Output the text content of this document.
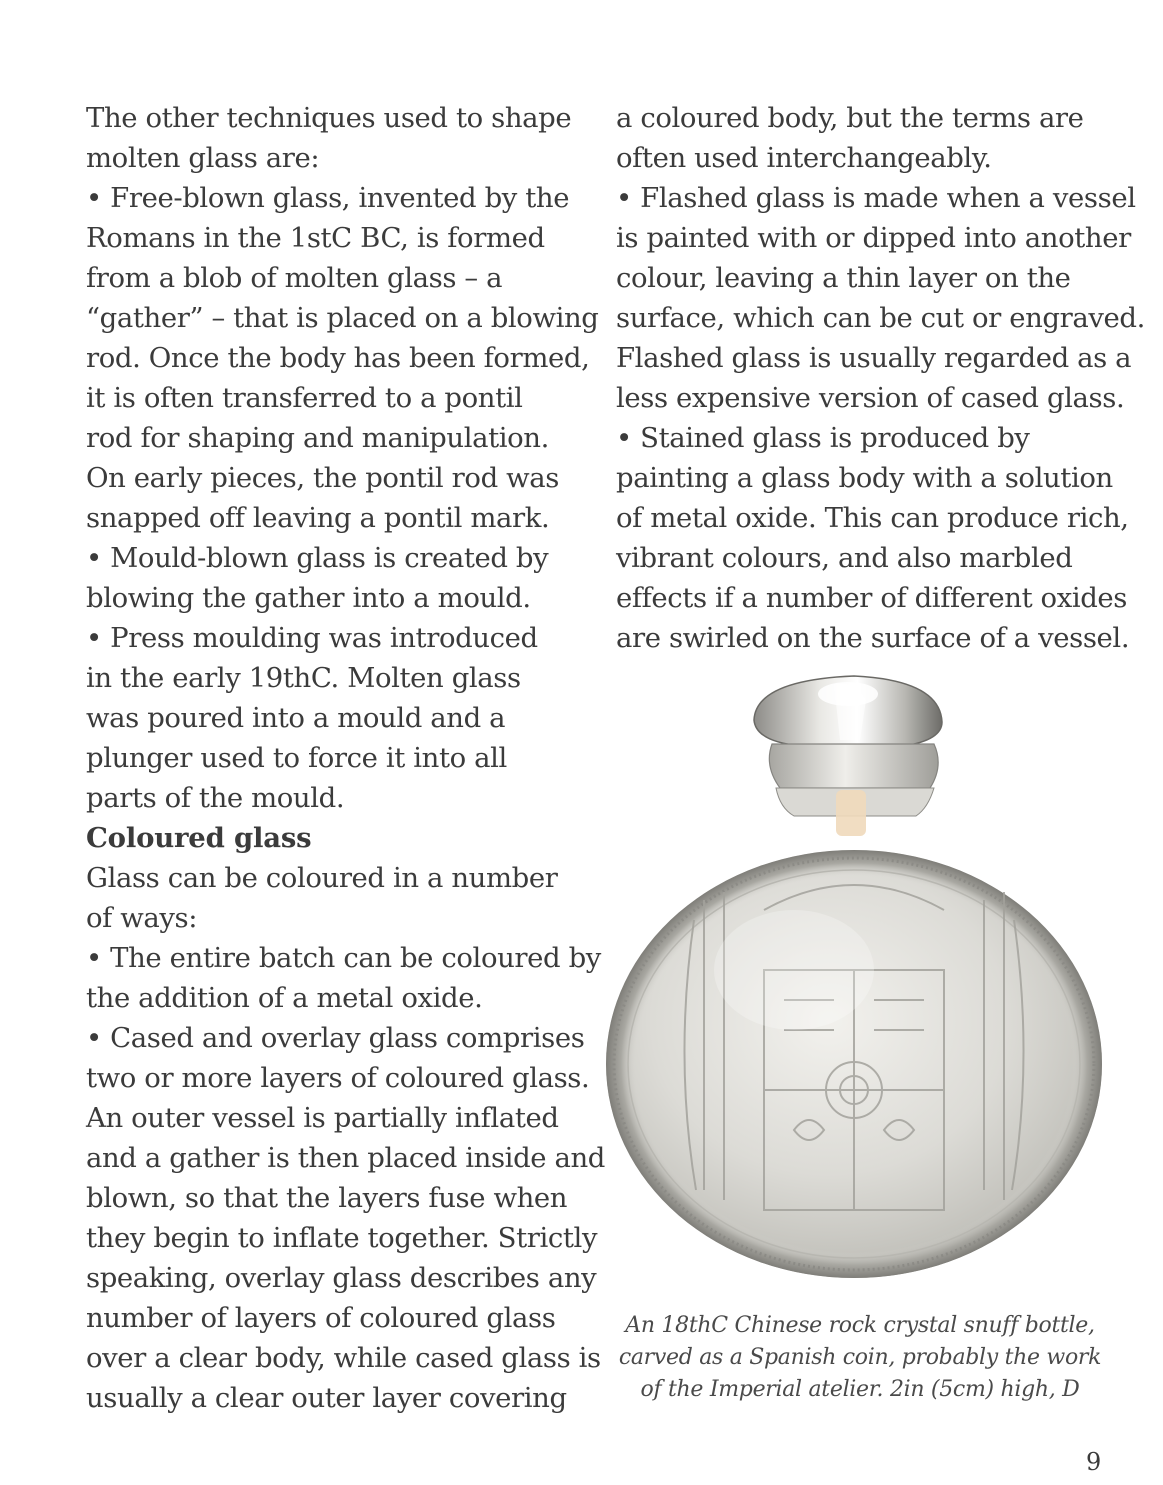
The other techniques used to shape
molten glass are:
• Free-blown glass, invented by the
Romans in the 1stC BC, is formed
from a blob of molten glass – a
“gather” – that is placed on a blowing
rod. Once the body has been formed,
it is often transferred to a pontil
rod for shaping and manipulation.
On early pieces, the pontil rod was
snapped off leaving a pontil mark.
• Mould-blown glass is created by
blowing the gather into a mould.
• Press moulding was introduced
in the early 19thC. Molten glass
was poured into a mould and a
plunger used to force it into all
parts of the mould.
Coloured glass
Glass can be coloured in a number
of ways:
• The entire batch can be coloured by
the addition of a metal oxide.
• Cased and overlay glass comprises
two or more layers of coloured glass.
An outer vessel is partially inflated
and a gather is then placed inside and
blown, so that the layers fuse when
they begin to inflate together. Strictly
speaking, overlay glass describes any
number of layers of coloured glass
over a clear body, while cased glass is
usually a clear outer layer covering
a coloured body, but the terms are
often used interchangeably.
• Flashed glass is made when a vessel
is painted with or dipped into another
colour, leaving a thin layer on the
surface, which can be cut or engraved.
Flashed glass is usually regarded as a
less expensive version of cased glass.
• Stained glass is produced by
painting a glass body with a solution
of metal oxide. This can produce rich,
vibrant colours, and also marbled
effects if a number of different oxides
are swirled on the surface of a vessel.
An 18thC Chinese rock crystal snuff bottle,
carved as a Spanish coin, probably the work
of the Imperial atelier. 2in (5cm) high, D
9
